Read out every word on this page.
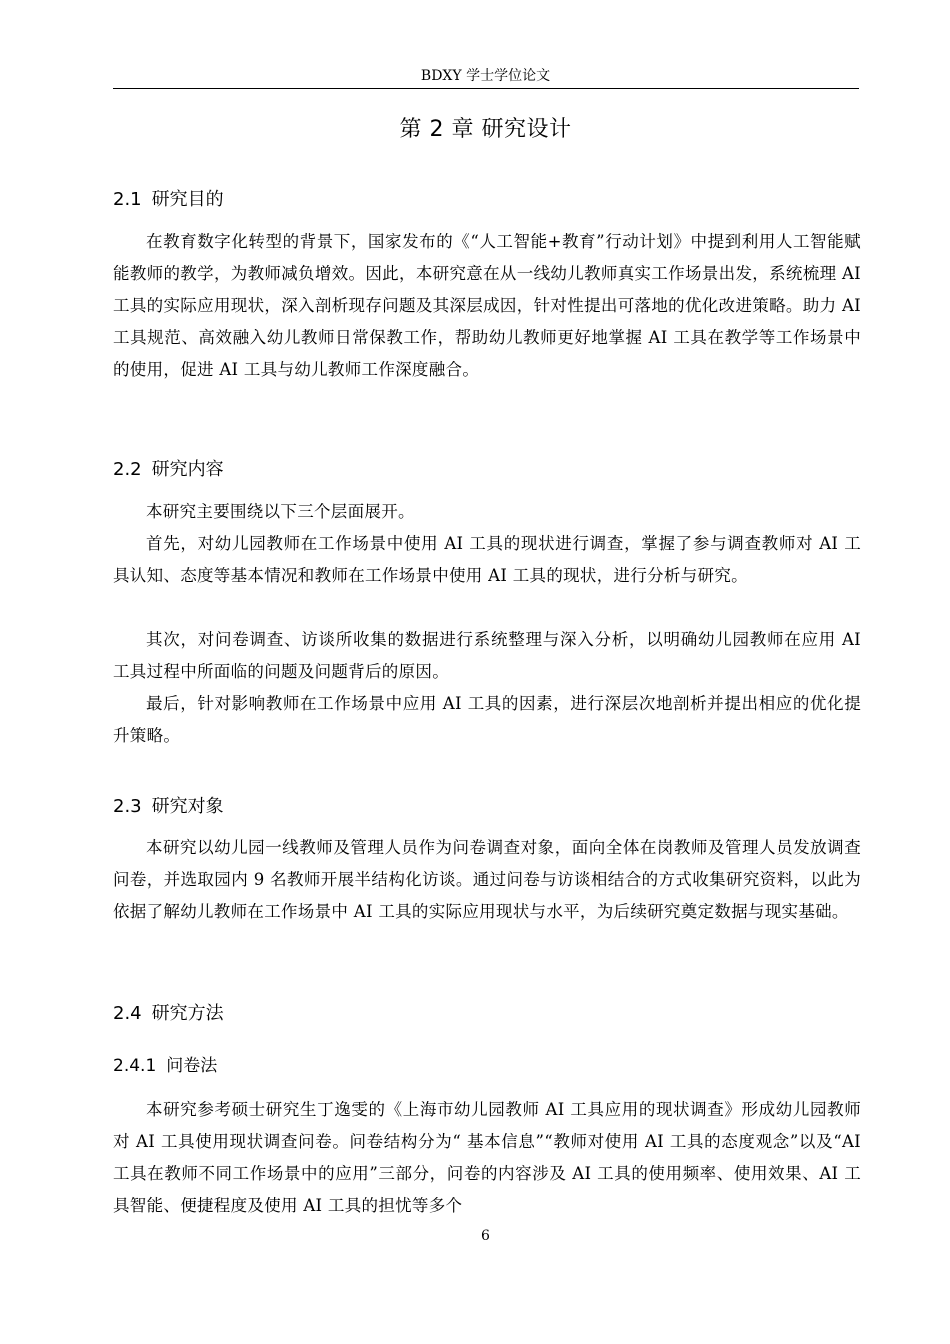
BDXY 学士学位论文
第 2 章 研究设计
2.1 研究目的
在教育数字化转型的背景下，国家发布的《“人工智能+教育”行动计划》中提到利用人工智能赋能教师的教学，为教师减负增效。因此，本研究意在从一线幼儿教师真实工作场景出发，系统梳理 AI 工具的实际应用现状，深入剖析现存问题及其深层成因，针对性提出可落地的优化改进策略。助力 AI 工具规范、高效融入幼儿教师日常保教工作，帮助幼儿教师更好地掌握 AI 工具在教学等工作场景中的使用，促进 AI 工具与幼儿教师工作深度融合。
2.2 研究内容
本研究主要围绕以下三个层面展开。
首先，对幼儿园教师在工作场景中使用 AI 工具的现状进行调查，掌握了参与调查教师对 AI 工具认知、态度等基本情况和教师在工作场景中使用 AI 工具的现状，进行分析与研究。
其次，对问卷调查、访谈所收集的数据进行系统整理与深入分析，以明确幼儿园教师在应用 AI 工具过程中所面临的问题及问题背后的原因。
最后，针对影响教师在工作场景中应用 AI 工具的因素，进行深层次地剖析并提出相应的优化提升策略。
2.3 研究对象
本研究以幼儿园一线教师及管理人员作为问卷调查对象，面向全体在岗教师及管理人员发放调查问卷，并选取园内 9 名教师开展半结构化访谈。通过问卷与访谈相结合的方式收集研究资料，以此为依据了解幼儿教师在工作场景中 AI 工具的实际应用现状与水平，为后续研究奠定数据与现实基础。
2.4 研究方法
2.4.1 问卷法
本研究参考硕士研究生丁逸雯的《上海市幼儿园教师 AI 工具应用的现状调查》形成幼儿园教师对 AI 工具使用现状调查问卷。问卷结构分为“ 基本信息”“教师对使用 AI 工具的态度观念”以及“AI 工具在教师不同工作场景中的应用”三部分，问卷的内容涉及 AI 工具的使用频率、使用效果、AI 工具智能、便捷程度及使用 AI 工具的担忧等多个
6
